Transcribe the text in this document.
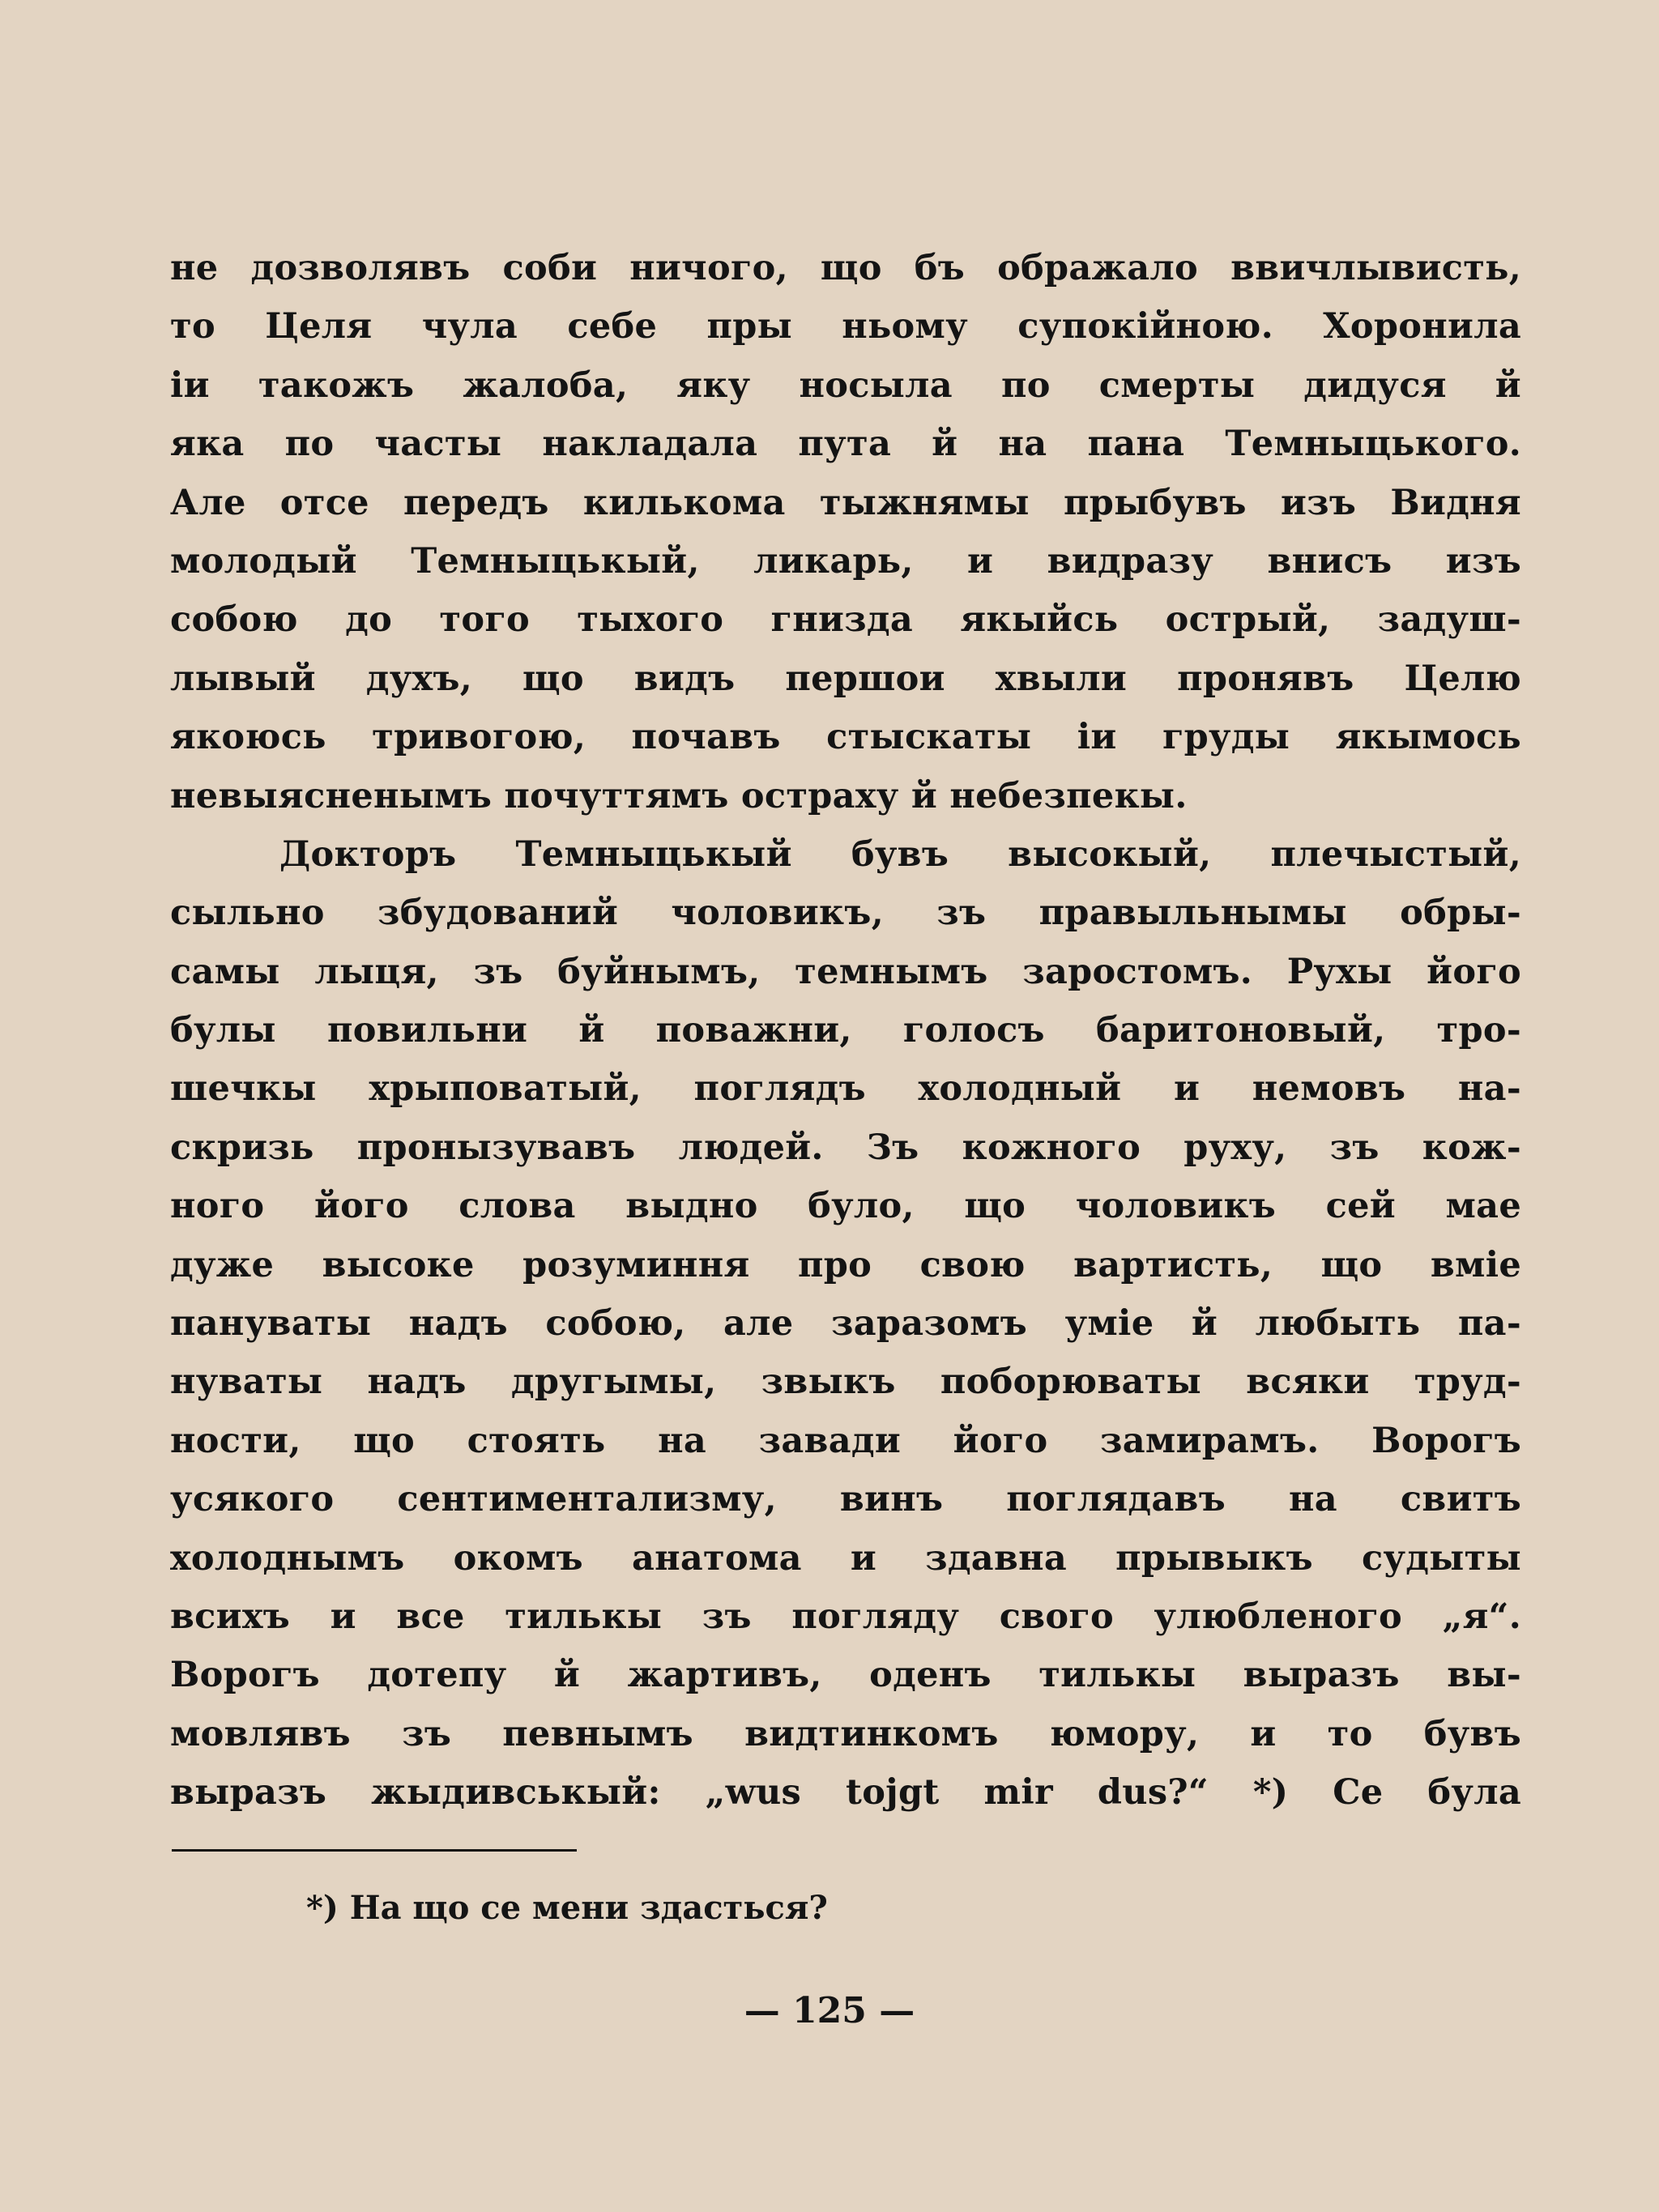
не дозволявъ соби ничого, що бъ ображало ввичлывисть,
то Целя чула себе пры ньому супокійною. Хоронила
іи такожъ жалоба, яку носыла по смерты дидуся й
яка по часты накладала пута й на пана Темныцького.
Але отсе передъ килькома тыжнямы прыбувъ изъ Видня
молодый Темныцькый, ликарь, и видразу внисъ изъ
собою до того тыхого гнизда якыйсь острый, задуш-
лывый духъ, що видъ першои хвыли пронявъ Целю
якоюсь тривогою, почавъ стыскаты іи груды якымось
невыясненымъ почуттямъ остраху й небезпекы.
Докторъ Темныцькый бувъ высокый, плечыстый,
сыльно збудований чоловикъ, зъ правыльнымы обры-
самы лыця, зъ буйнымъ, темнымъ заростомъ. Рухы його
булы повильни й поважни, голосъ баритоновый, тро-
шечкы хрыповатый, поглядъ холодный и немовъ на-
скризь пронызувавъ людей. Зъ кожного руху, зъ кож-
ного його слова выдно було, що чоловикъ сей мае
дуже высоке розуминня про свою вартисть, що вміе
пануваты надъ собою, але заразомъ уміе й любыть па-
нуваты надъ другымы, звыкъ поборюваты всяки труд-
ности, що стоять на завади його замирамъ. Ворогъ
усякого сентиментализму, винъ поглядавъ на свитъ
холоднымъ окомъ анатома и здавна прывыкъ судыты
всихъ и все тилькы зъ погляду свого улюбленого „я“.
Ворогъ дотепу й жартивъ, оденъ тилькы выразъ вы-
мовлявъ зъ певнымъ видтинкомъ юмору, и то бувъ
выразъ жыдивськый: „wus tojgt mir dus?“ *) Се була
*) На що се мени здасться?
— 125 —
